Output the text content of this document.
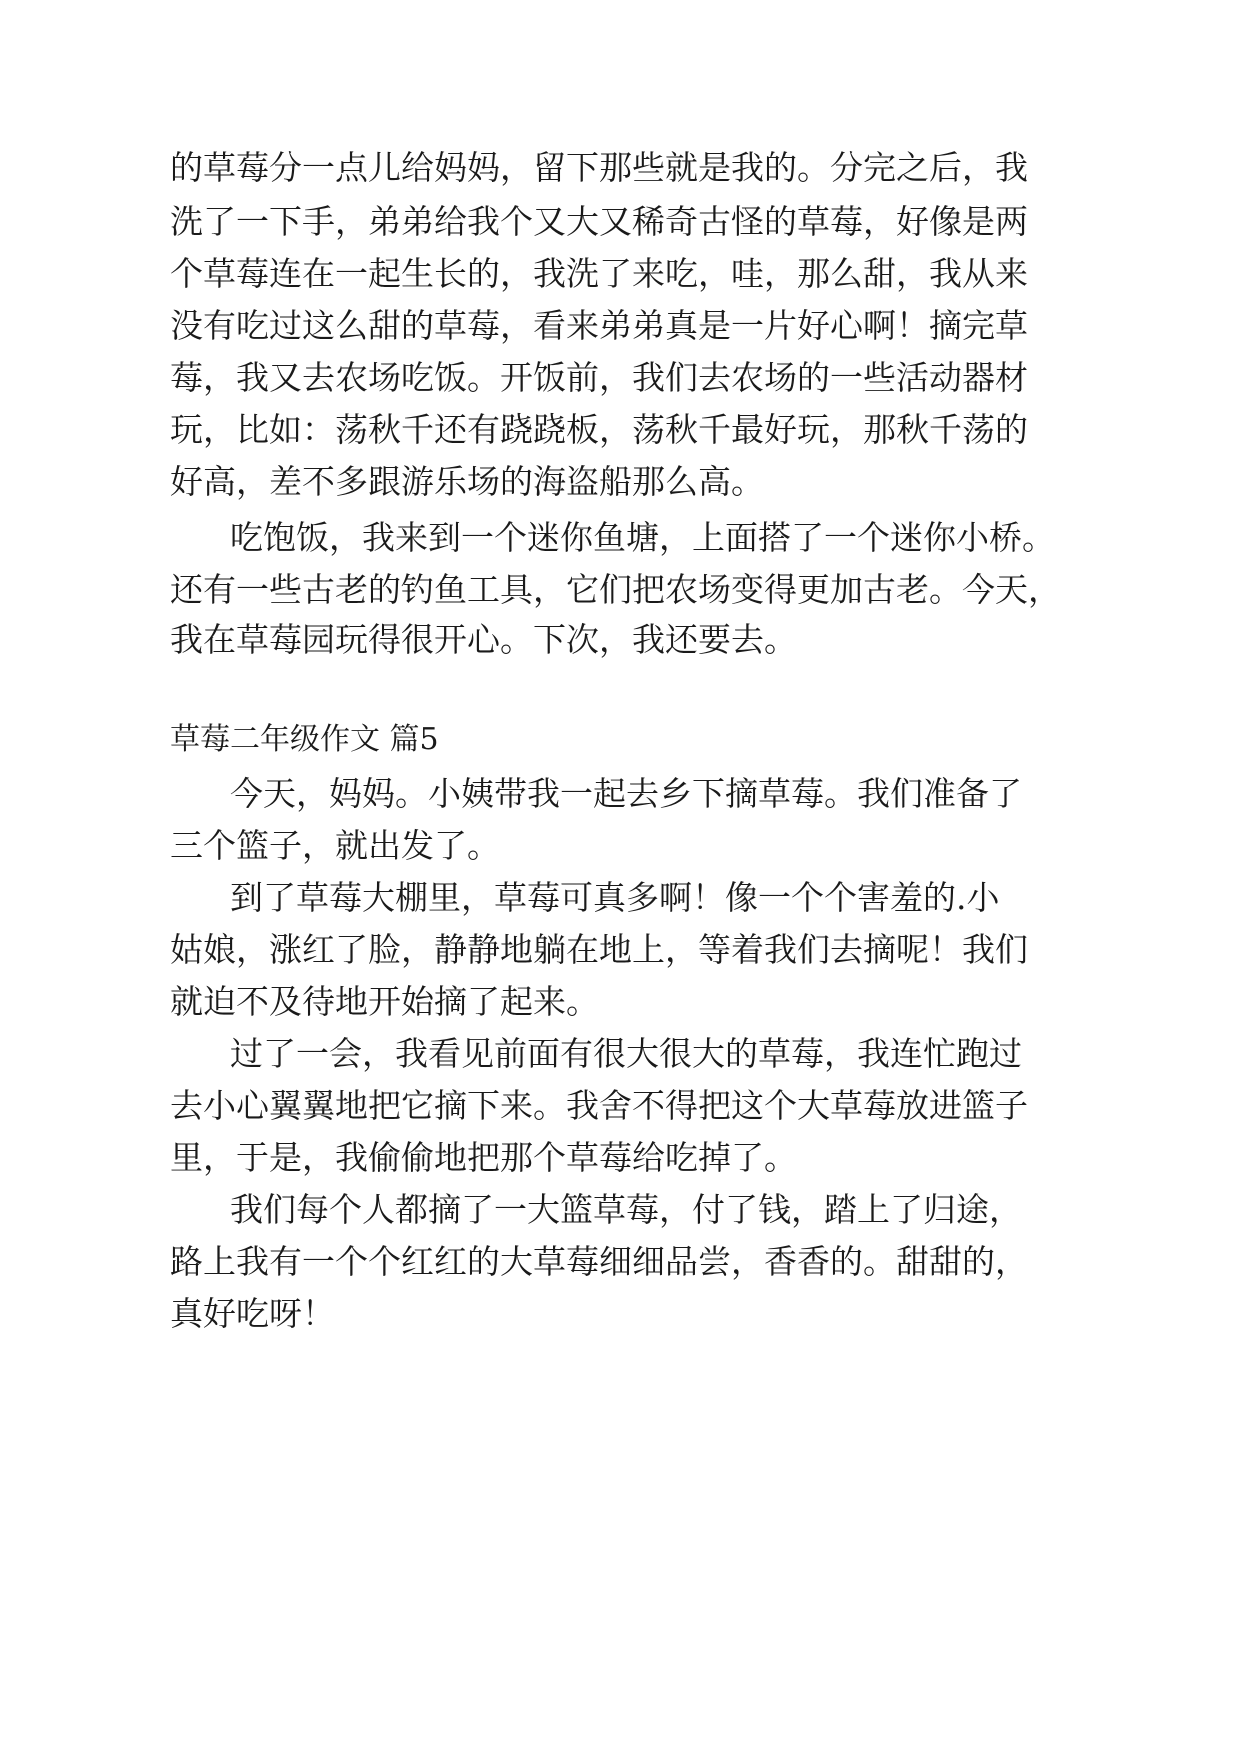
的草莓分一点儿给妈妈，留下那些就是我的。分完之后，我
洗了一下手，弟弟给我个又大又稀奇古怪的草莓，好像是两
个草莓连在一起生长的，我洗了来吃，哇，那么甜，我从来
没有吃过这么甜的草莓，看来弟弟真是一片好心啊！摘完草
莓，我又去农场吃饭。开饭前，我们去农场的一些活动器材
玩，比如：荡秋千还有跷跷板，荡秋千最好玩，那秋千荡的
好高，差不多跟游乐场的海盗船那么高。
吃饱饭，我来到一个迷你鱼塘，上面搭了一个迷你小桥。
还有一些古老的钓鱼工具，它们把农场变得更加古老。今天，
我在草莓园玩得很开心。下次，我还要去。
草莓二年级作文 篇5
今天，妈妈。小姨带我一起去乡下摘草莓。我们准备了
三个篮子，就出发了。
到了草莓大棚里，草莓可真多啊！像一个个害羞的.小
姑娘，涨红了脸，静静地躺在地上，等着我们去摘呢！我们
就迫不及待地开始摘了起来。
过了一会，我看见前面有很大很大的草莓，我连忙跑过
去小心翼翼地把它摘下来。我舍不得把这个大草莓放进篮子
里，于是，我偷偷地把那个草莓给吃掉了。
我们每个人都摘了一大篮草莓，付了钱，踏上了归途，
路上我有一个个红红的大草莓细细品尝，香香的。甜甜的，
真好吃呀！
